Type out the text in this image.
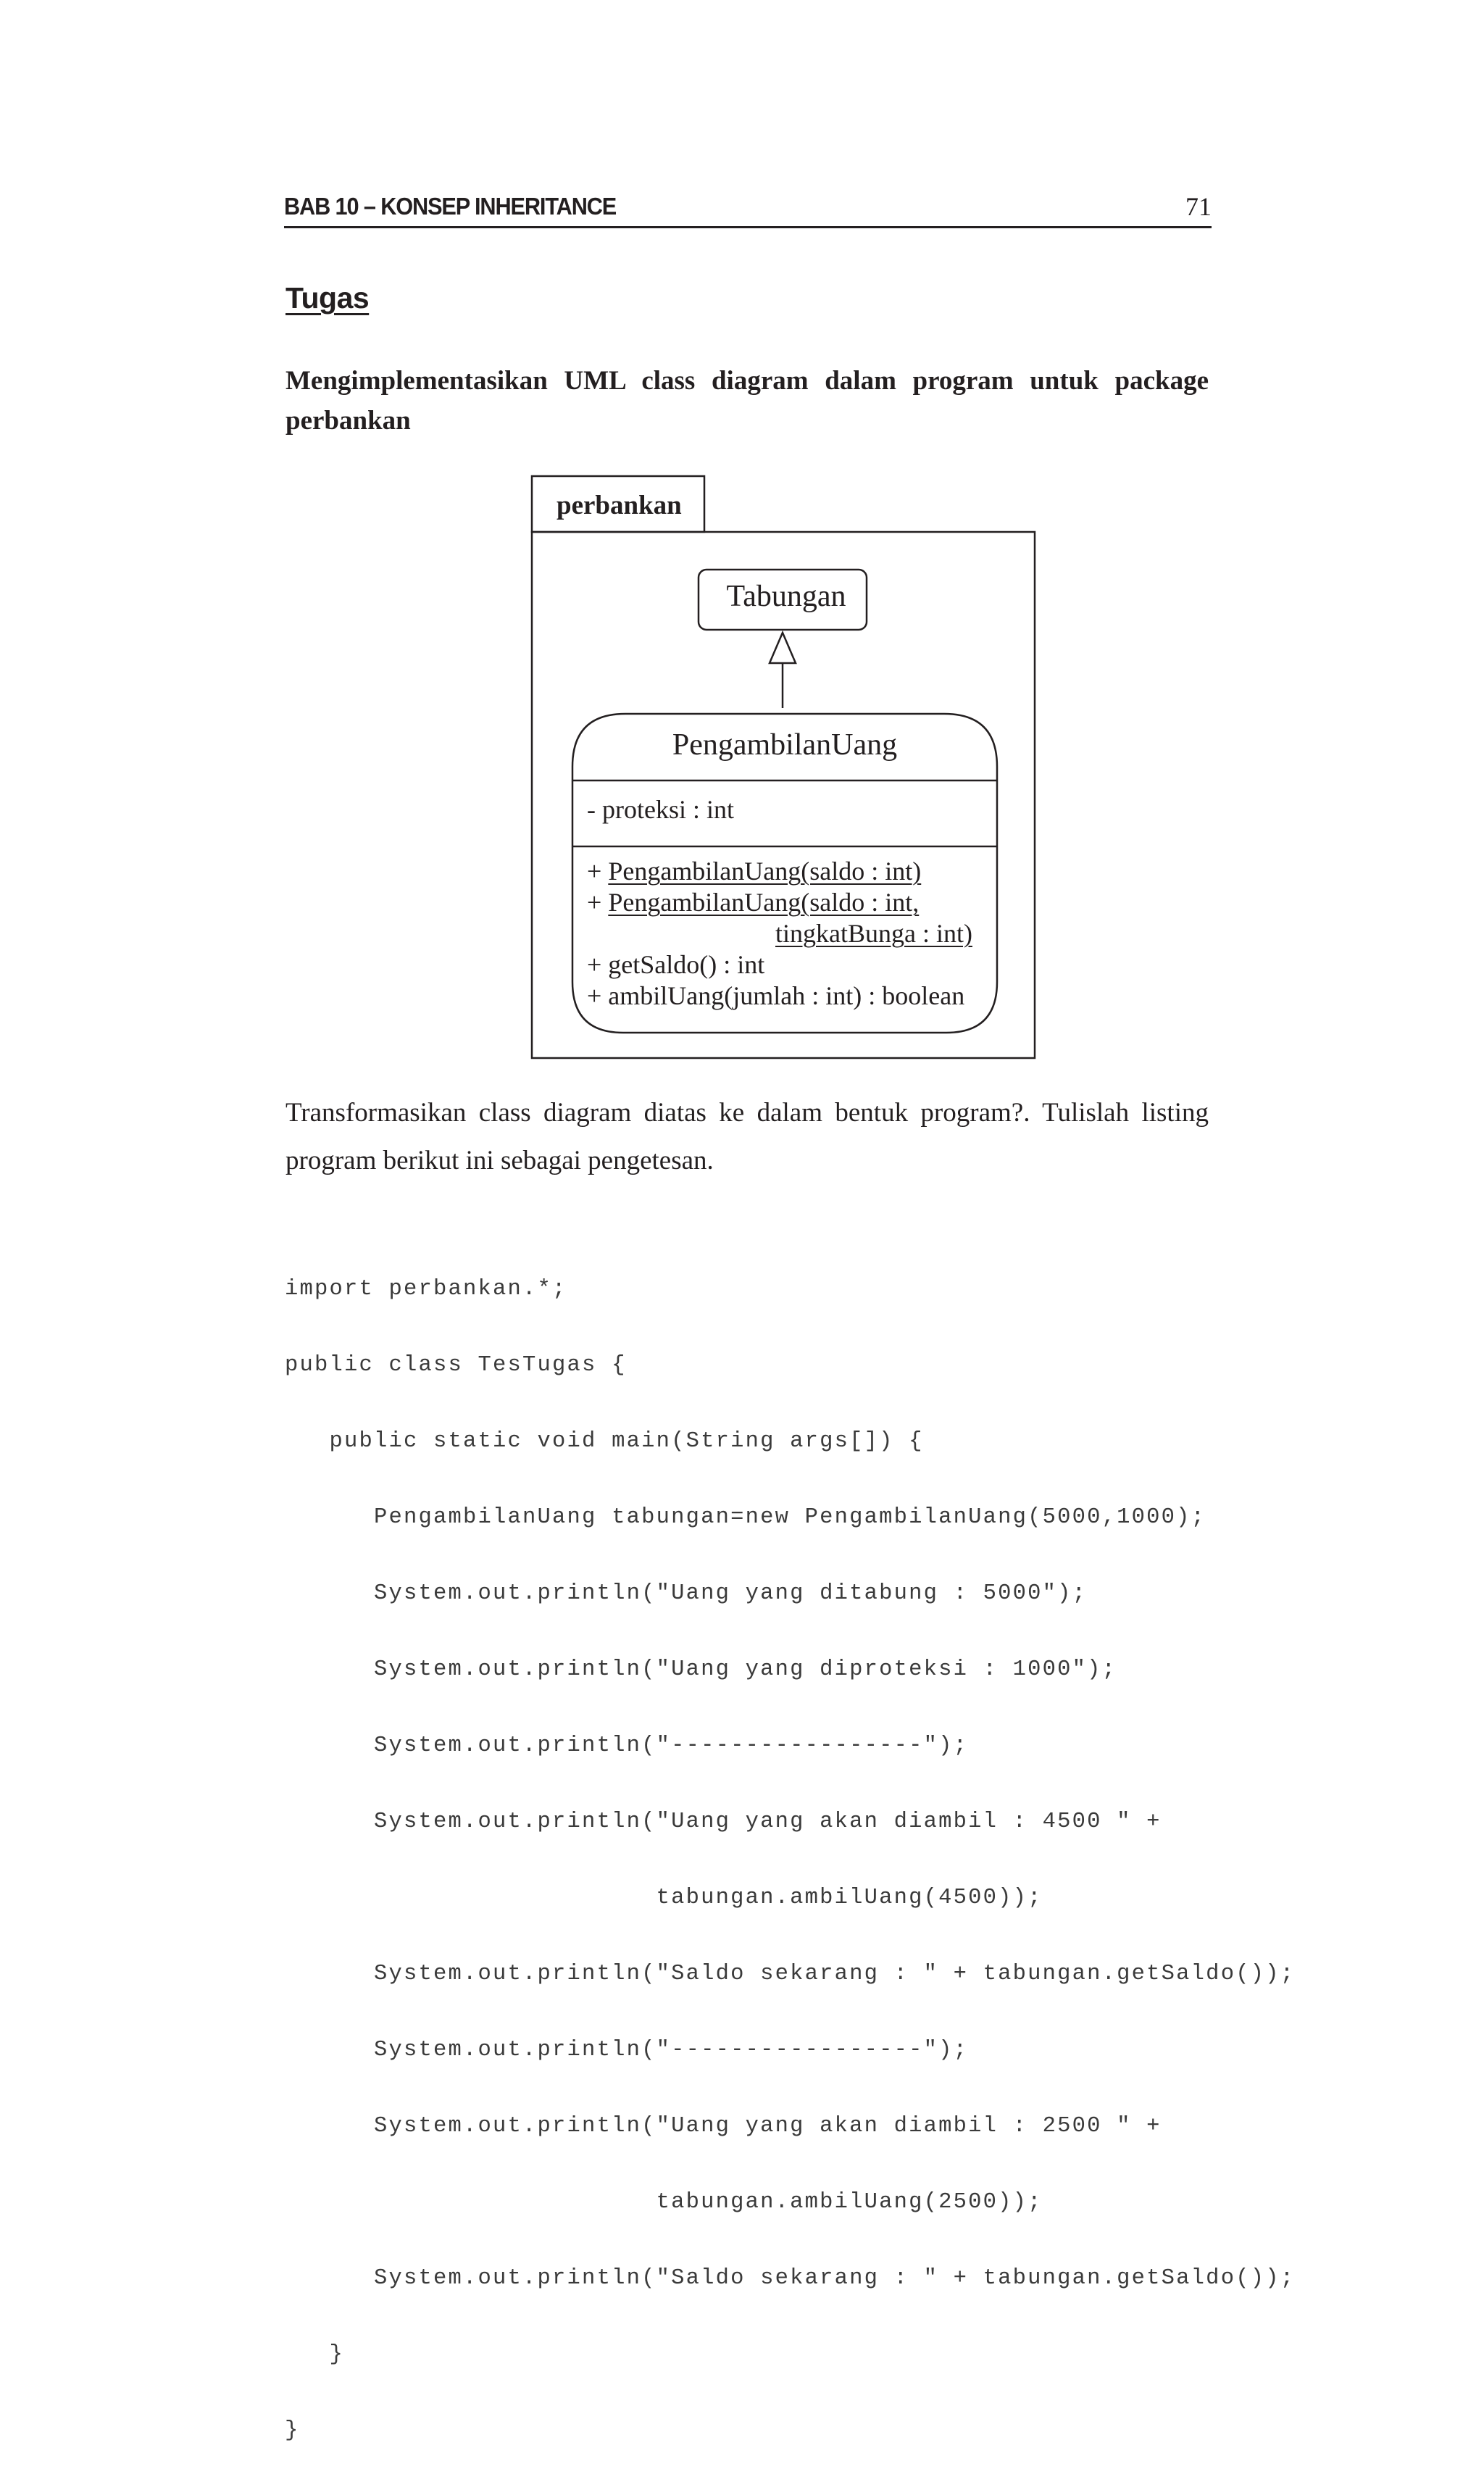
BAB 10 – KONSEP INHERITANCE	71
Tugas

Mengimplementasikan UML class diagram dalam program untuk package perbankan

perbankan
Tabungan
PengambilanUang
- proteksi : int
+ PengambilanUang(saldo : int)
+ PengambilanUang(saldo : int,
tingkatBunga : int)
+ getSaldo() : int
+ ambilUang(jumlah : int) : boolean

Transformasikan class diagram diatas ke dalam bentuk program?. Tulislah listing program berikut ini sebagai pengetesan.

import perbankan.*;

public class TesTugas {

public static void main(String args[]) {

PengambilanUang tabungan=new PengambilanUang(5000,1000);

System.out.println("Uang yang ditabung : 5000");

System.out.println("Uang yang diproteksi : 1000");

System.out.println("-----------------");

System.out.println("Uang yang akan diambil : 4500 " +

tabungan.ambilUang(4500));

System.out.println("Saldo sekarang : " + tabungan.getSaldo());

System.out.println("-----------------");

System.out.println("Uang yang akan diambil : 2500 " +

tabungan.ambilUang(2500));

System.out.println("Saldo sekarang : " + tabungan.getSaldo());

}

}
